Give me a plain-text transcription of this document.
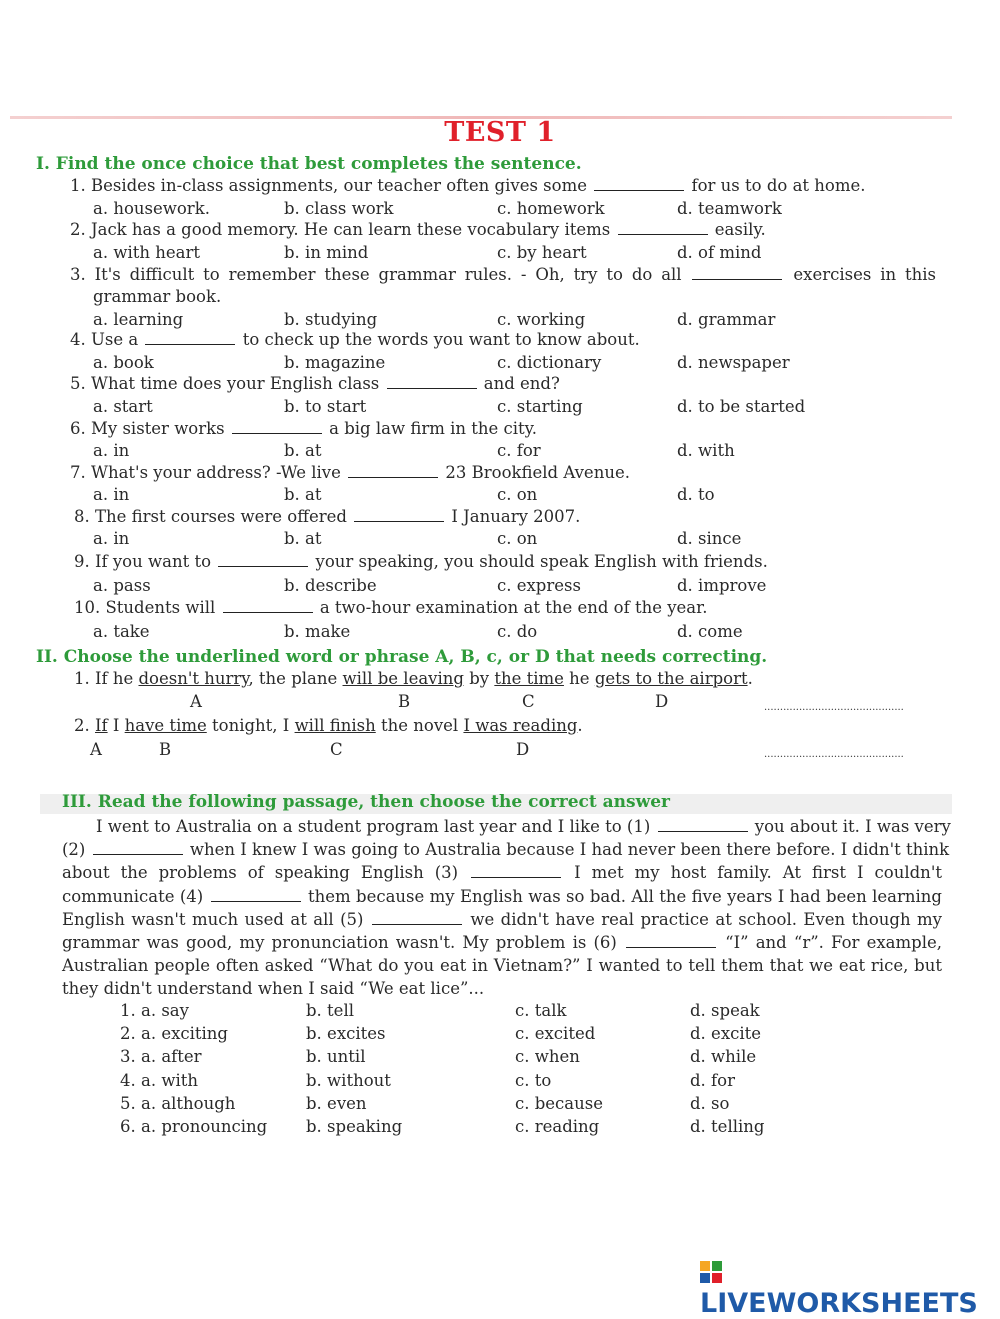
TEST 1
I. Find the once choice that best completes the sentence.
1. Besides in-class assignments, our teacher often gives some	for us to do at home.
a. housework.	b. class work	c. homework	d. teamwork
2. Jack has a good memory. He can learn these vocabulary items	easily.
a. with heart	b. in mind	c. by heart	d. of mind
3. It's difficult to remember these grammar rules. - Oh, try to do all	exercises in this
grammar book.
a. learning	b. studying	c. working	d. grammar
4. Use a	to check up the words you want to know about.
a. book	b. magazine	c. dictionary	d. newspaper
5. What time does your English class	and end?
a. start	b. to start	c. starting	d. to be started
6. My sister works	a big law firm in the city.
a. in	b. at	c. for	d. with
7. What's your address? -We live	23 Brookfield Avenue.
a. in	b. at	c. on	d. to
8. The first courses were offered	I January 2007.
a. in	b. at	c. on	d. since
9. If you want to	your speaking, you should speak English with friends.
a. pass	b. describe	c. express	d. improve
10. Students will	a two-hour examination at the end of the year.
a. take	b. make	c. do	d. come
II. Choose the underlined word or phrase A, B, c, or D that needs correcting.
1. If he doesn't hurry, the plane will be leaving by the time he gets to the airport.
A	B	C	D	............................................
2. If I have time tonight, I will finish the novel I was reading.
A	B	C	D	............................................
III. Read the following passage, then choose the correct answer
I went to Australia on a student program last year and I like to (1)	you about it. I was very
(2)	when I knew I was going to Australia because I had never been there before. I didn't think
about the problems of speaking English (3)	I met my host family. At first I couldn't
communicate (4)	them because my English was so bad. All the five years I had been learning
English wasn't much used at all (5)	we didn't have real practice at school. Even though my
grammar was good, my pronunciation wasn't. My problem is (6)	“I” and “r”. For example,
Australian people often asked “What do you eat in Vietnam?” I wanted to tell them that we eat rice, but
they didn't understand when I said “We eat lice”...
1. a. say	b. tell	c. talk	d. speak
2. a. exciting	b. excites	c. excited	d. excite
3. a. after	b. until	c. when	d. while
4. a. with	b. without	c. to	d. for
5. a. although	b. even	c. because	d. so
6. a. pronouncing b. speaking	c. reading	d. telling
LIVEWORKSHEETS
